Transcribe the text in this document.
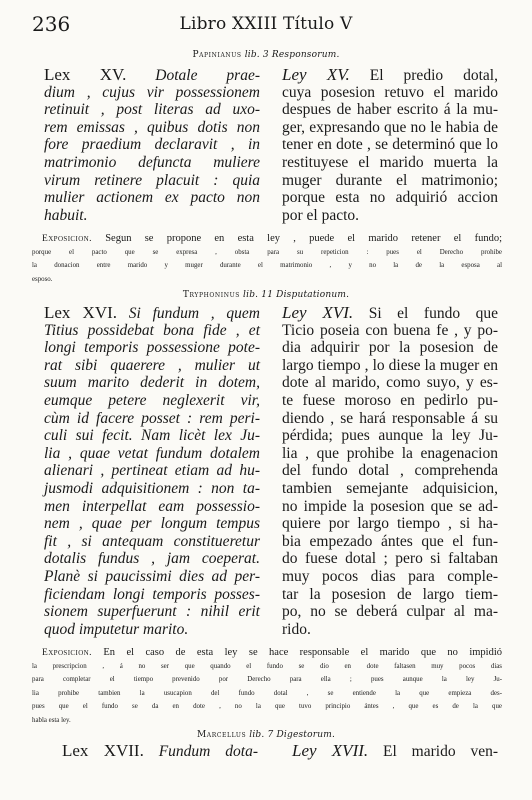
236	Libro XXIII Título V
Papinianus lib. 3 Responsorum.
Lex XV. Dotale prae-
dium , cujus vir possessionem
retinuit , post literas ad uxo-
rem emissas , quibus dotis non
fore praedium declaravit , in
matrimonio defuncta muliere
virum retinere placuit : quia
mulier actionem ex pacto non
habuit.
Ley XV. El predio dotal,
cuya posesion retuvo el marido
despues de haber escrito á la mu-
ger, expresando que no le habia de
tener en dote , se determinó que lo
restituyese el marido muerta la
muger durante el matrimonio;
porque esta no adquirió accion
por el pacto.
Exposicion. Segun se propone en esta ley , puede el marido retener el fundo;
porque el pacto que se expresa , obsta para su repeticion : pues el Derecho prohibe
la donacion entre marido y muger durante el matrimonio , y no la de la esposa al
esposo.
Tryphoninus lib. 11 Disputationum.
Lex XVI. Si fundum , quem
Titius possidebat bona fide , et
longi temporis possessione pote-
rat sibi quaerere , mulier ut
suum marito dederit in dotem,
eumque petere neglexerit vir,
cùm id facere posset : rem peri-
culi sui fecit. Nam licèt lex Ju-
lia , quae vetat fundum dotalem
alienari , pertineat etiam ad hu-
jusmodi adquisitionem : non ta-
men interpellat eam possessio-
nem , quae per longum tempus
fit , si antequam constitueretur
dotalis fundus , jam coeperat.
Planè si paucissimi dies ad per-
ficiendam longi temporis posses-
sionem superfuerunt : nihil erit
quod imputetur marito.
Ley XVI. Si el fundo que
Ticio poseia con buena fe , y po-
dia adquirir por la posesion de
largo tiempo , lo diese la muger en
dote al marido, como suyo, y es-
te fuese moroso en pedirlo pu-
diendo , se hará responsable á su
pérdida; pues aunque la ley Ju-
lia , que prohibe la enagenacion
del fundo dotal , comprehenda
tambien semejante adquisicion,
no impide la posesion que se ad-
quiere por largo tiempo , si ha-
bia empezado ántes que el fun-
do fuese dotal ; pero si faltaban
muy pocos dias para comple-
tar la posesion de largo tiem-
po, no se deberá culpar al ma-
rido.
Exposicion. En el caso de esta ley se hace responsable el marido que no impidió
la prescripcion , á no ser que quando el fundo se dio en dote faltasen muy pocos dias
para completar el tiempo prevenido por Derecho para ella ; pues aunque la ley Ju-
lia prohibe tambien la usucapion del fundo dotal , se entiende la que empieza des-
pues que el fundo se da en dote , no la que tuvo principio ántes , que es de la que
habla esta ley.
Marcellus lib. 7 Digestorum.
Lex XVII. Fundum dota- Ley XVII. El marido ven-
